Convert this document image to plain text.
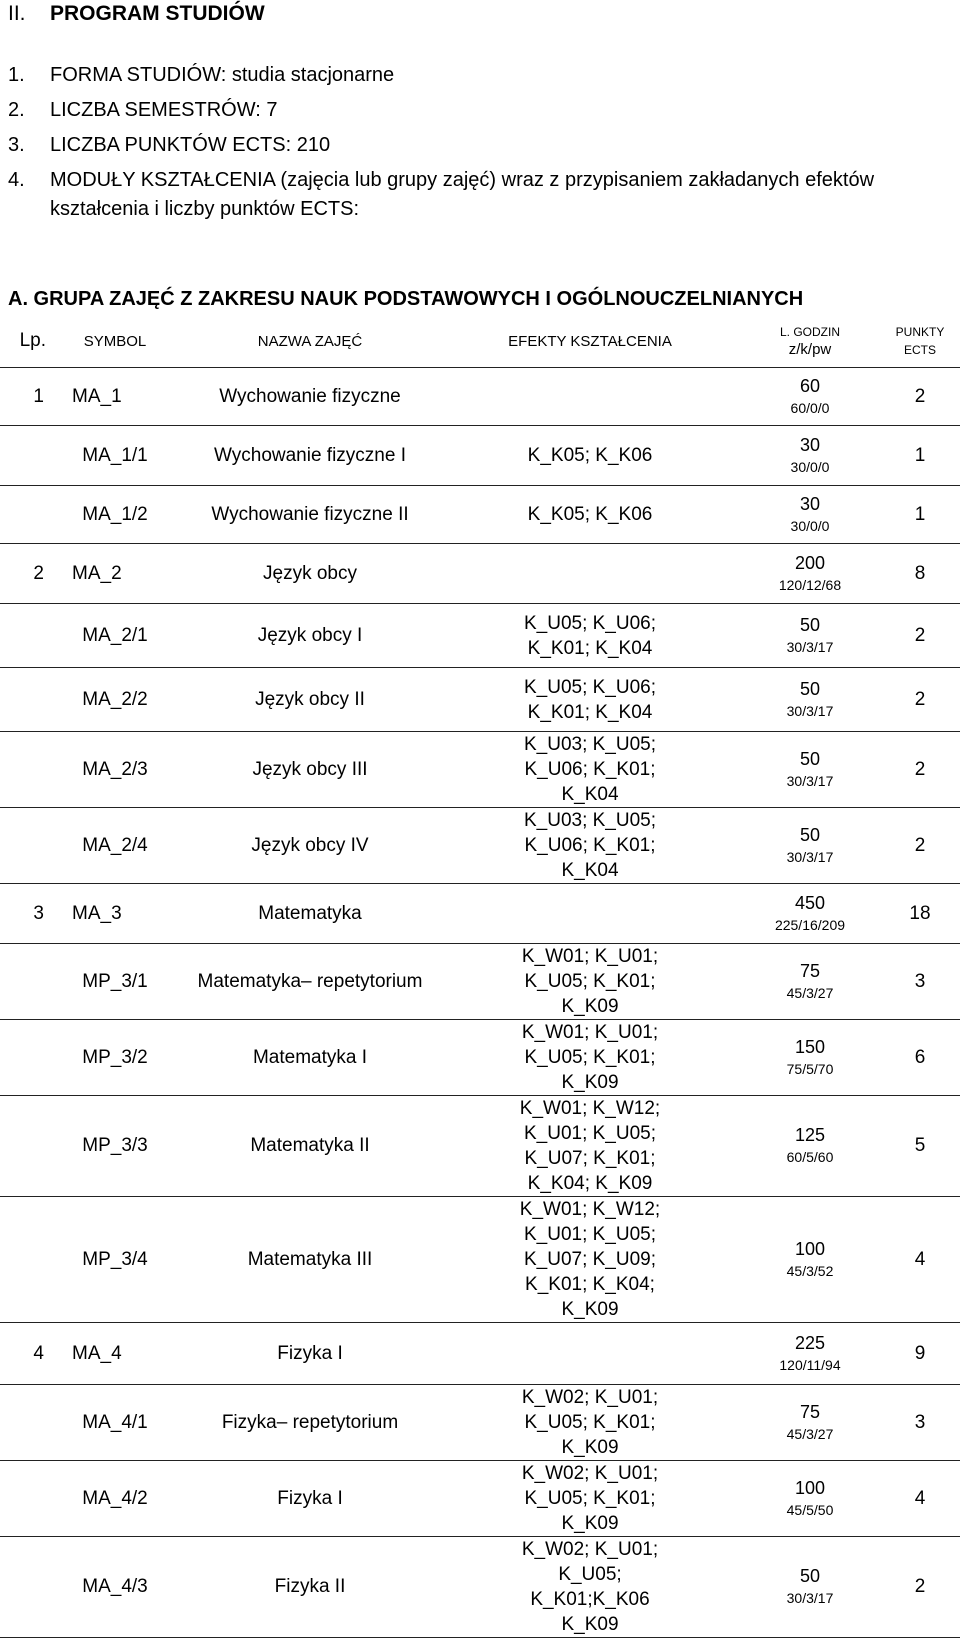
II. PROGRAM STUDIÓW
1.	FORMA STUDIÓW: studia stacjonarne
2.	LICZBA SEMESTRÓW: 7
3.	LICZBA PUNKTÓW ECTS: 210
4.	MODUŁY KSZTAŁCENIA (zajęcia lub grupy zajęć) wraz z przypisaniem zakładanych efektów kształcenia i liczby punktów ECTS:
A. GRUPA ZAJĘĆ Z ZAKRESU NAUK PODSTAWOWYCH I OGÓLNOUCZELNIANYCH
Lp.	SYMBOL	NAZWA ZAJĘĆ	EFEKTY KSZTAŁCENIA	L. GODZIN
z/k/pw	PUNKTY
ECTS
1	MA_1	Wychowanie fizyczne		60
60/0/0	2
	MA_1/1	Wychowanie fizyczne I	K_K05; K_K06	30
30/0/0	1
	MA_1/2	Wychowanie fizyczne II	K_K05; K_K06	30
30/0/0	1
2	MA_2	Język obcy		200
120/12/68	8
	MA_2/1	Język obcy I	K_U05; K_U06; K_K01; K_K04	50
30/3/17	2
	MA_2/2	Język obcy II	K_U05; K_U06; K_K01; K_K04	50
30/3/17	2
	MA_2/3	Język obcy III	K_U03; K_U05; K_U06; K_K01; K_K04	50
30/3/17	2
	MA_2/4	Język obcy IV	K_U03; K_U05; K_U06; K_K01; K_K04	50
30/3/17	2
3	MA_3	Matematyka		450
225/16/209	18
	MP_3/1	Matematyka– repetytorium	K_W01; K_U01; K_U05; K_K01; K_K09	75
45/3/27	3
	MP_3/2	Matematyka I	K_W01; K_U01; K_U05; K_K01; K_K09	150
75/5/70	6
	MP_3/3	Matematyka II	K_W01; K_W12; K_U01; K_U05; K_U07; K_K01; K_K04; K_K09	125
60/5/60	5
	MP_3/4	Matematyka III	K_W01; K_W12; K_U01; K_U05; K_U07; K_U09; K_K01; K_K04; K_K09	100
45/3/52	4
4	MA_4	Fizyka I		225
120/11/94	9
	MA_4/1	Fizyka– repetytorium	K_W02; K_U01; K_U05; K_K01; K_K09	75
45/3/27	3
	MA_4/2	Fizyka I	K_W02; K_U01; K_U05; K_K01; K_K09	100
45/5/50	4
	MA_4/3	Fizyka II	K_W02; K_U01; K_U05; K_K01;K_K06 K_K09	50
30/3/17	2
